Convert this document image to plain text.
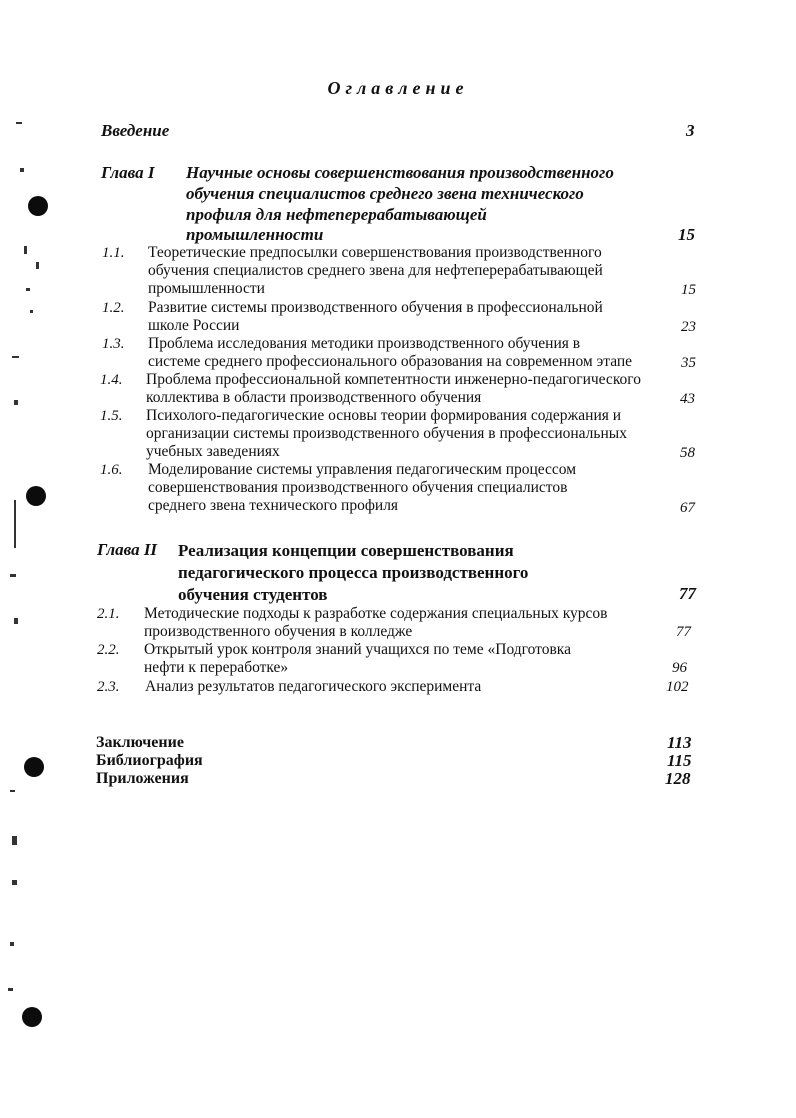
Оглавление
Введение	3
Глава I Научные основы совершенствования производственного
обучения специалистов среднего звена технического
профиля для нефтеперерабатывающей
промышленности	15
1.1. Теоретические предпосылки совершенствования производственного
обучения специалистов среднего звена для нефтеперерабатывающей
промышленности	15
1.2. Развитие системы производственного обучения в профессиональной
школе России	23
1.3. Проблема исследования методики производственного обучения в
системе среднего профессионального образования на современном этапе	35
1.4. Проблема профессиональной компетентности инженерно-педагогического
коллектива в области производственного обучения	43
1.5. Психолого-педагогические основы теории формирования содержания и
организации системы производственного обучения в профессиональных
учебных заведениях	58
1.6. Моделирование системы управления педагогическим процессом
совершенствования производственного обучения специалистов
среднего звена технического профиля	67
Глава II Реализация концепции совершенствования
педагогического процесса производственного
обучения студентов	77
2.1. Методические подходы к разработке содержания специальных курсов
производственного обучения в колледже	77
2.2. Открытый урок контроля знаний учащихся по теме «Подготовка
нефти к переработке»	96
2.3. Анализ результатов педагогического эксперимента	102
Заключение	113
Библиография	115
Приложения	128
